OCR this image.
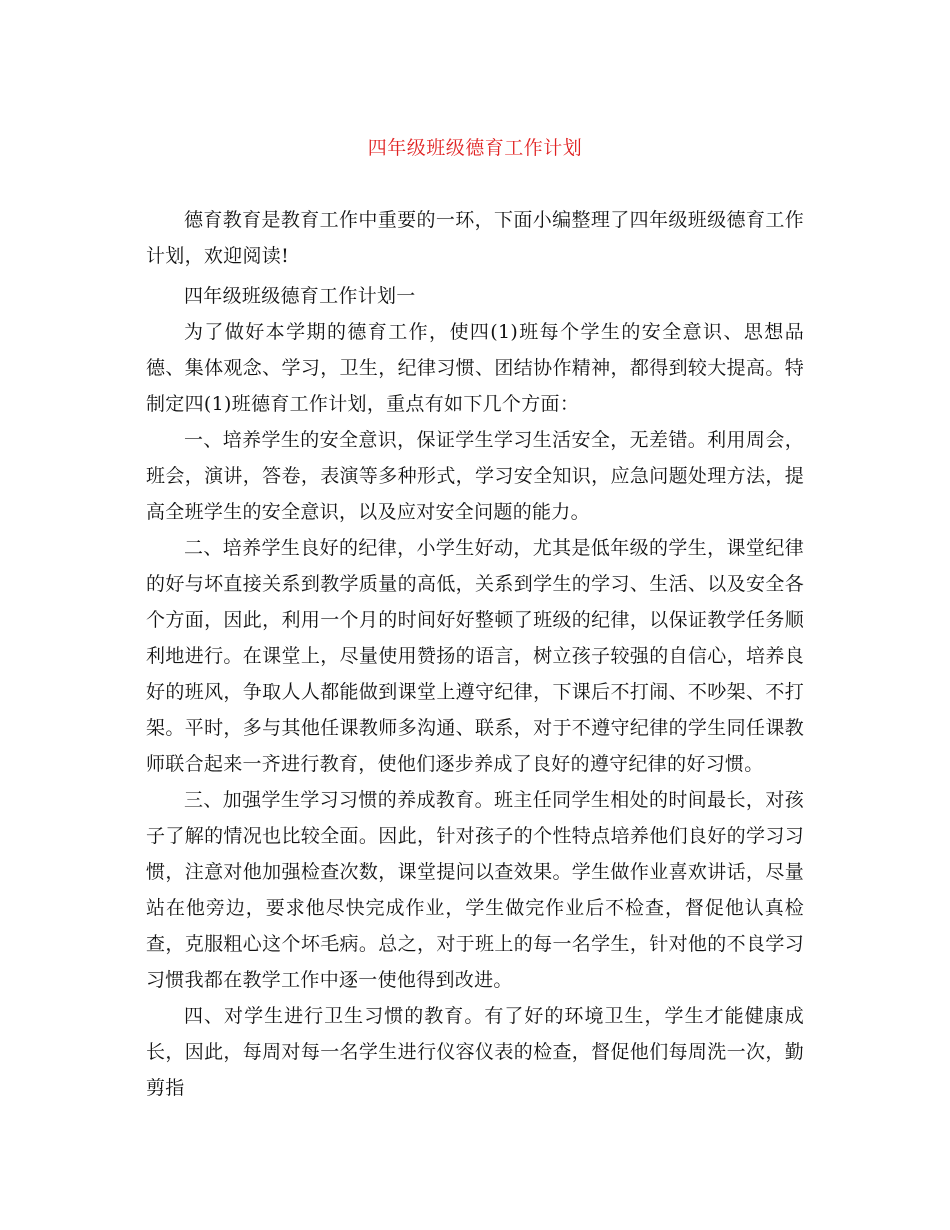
四年级班级德育工作计划

德育教育是教育工作中重要的一环，下面小编整理了四年级班级德育工作计划，欢迎阅读!

四年级班级德育工作计划一

为了做好本学期的德育工作，使四(1)班每个学生的安全意识、思想品德、集体观念、学习，卫生，纪律习惯、团结协作精神，都得到较大提高。特制定四(1)班德育工作计划，重点有如下几个方面：

一、培养学生的安全意识，保证学生学习生活安全，无差错。利用周会，班会，演讲，答卷，表演等多种形式，学习安全知识，应急问题处理方法，提高全班学生的安全意识，以及应对安全问题的能力。

二、培养学生良好的纪律，小学生好动，尤其是低年级的学生，课堂纪律的好与坏直接关系到教学质量的高低，关系到学生的学习、生活、以及安全各个方面，因此，利用一个月的时间好好整顿了班级的纪律，以保证教学任务顺利地进行。在课堂上，尽量使用赞扬的语言，树立孩子较强的自信心，培养良好的班风，争取人人都能做到课堂上遵守纪律，下课后不打闹、不吵架、不打架。平时，多与其他任课教师多沟通、联系，对于不遵守纪律的学生同任课教师联合起来一齐进行教育，使他们逐步养成了良好的遵守纪律的好习惯。

三、加强学生学习习惯的养成教育。班主任同学生相处的时间最长，对孩子了解的情况也比较全面。因此，针对孩子的个性特点培养他们良好的学习习惯，注意对他加强检查次数，课堂提问以查效果。学生做作业喜欢讲话，尽量站在他旁边，要求他尽快完成作业，学生做完作业后不检查，督促他认真检查，克服粗心这个坏毛病。总之，对于班上的每一名学生，针对他的不良学习习惯我都在教学工作中逐一使他得到改进。

四、对学生进行卫生习惯的教育。有了好的环境卫生，学生才能健康成长，因此，每周对每一名学生进行仪容仪表的检查，督促他们每周洗一次，勤剪指
